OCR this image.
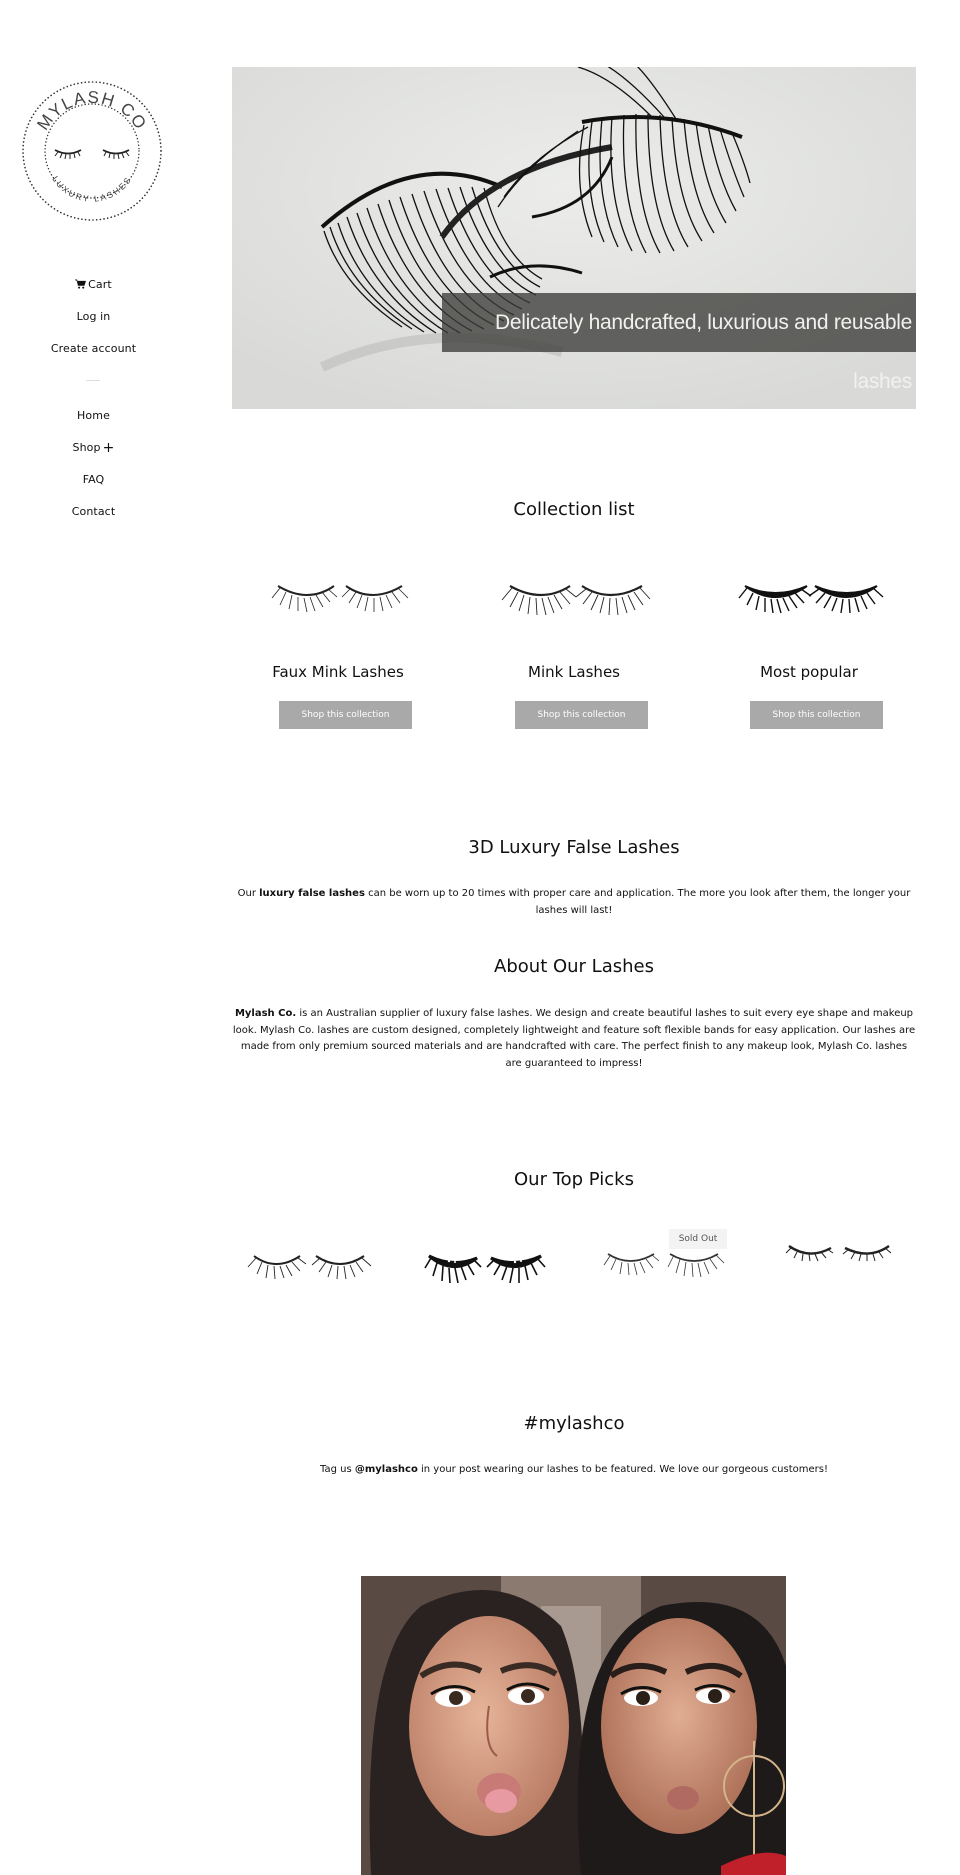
MYLASH CO
LUXURY LASHES
Cart
Log in
Create account
Home
Shop +
FAQ
Contact
Delicately handcrafted, luxurious and reusable lashes
Collection list
Faux Mink Lashes
Shop this collection
Mink Lashes
Shop this collection
Most popular
Shop this collection
3D Luxury False Lashes
Our luxury false lashes can be worn up to 20 times with proper care and application. The more you look after them, the longer your lashes will last!
About Our Lashes
Mylash Co. is an Australian supplier of luxury false lashes. We design and create beautiful lashes to suit every eye shape and makeup look. Mylash Co. lashes are custom designed, completely lightweight and feature soft flexible bands for easy application. Our lashes are made from only premium sourced materials and are handcrafted with care. The perfect finish to any makeup look, Mylash Co. lashes are guaranteed to impress!
Our Top Picks
Sold Out
#mylashco
Tag us @mylashco in your post wearing our lashes to be featured. We love our gorgeous customers!
